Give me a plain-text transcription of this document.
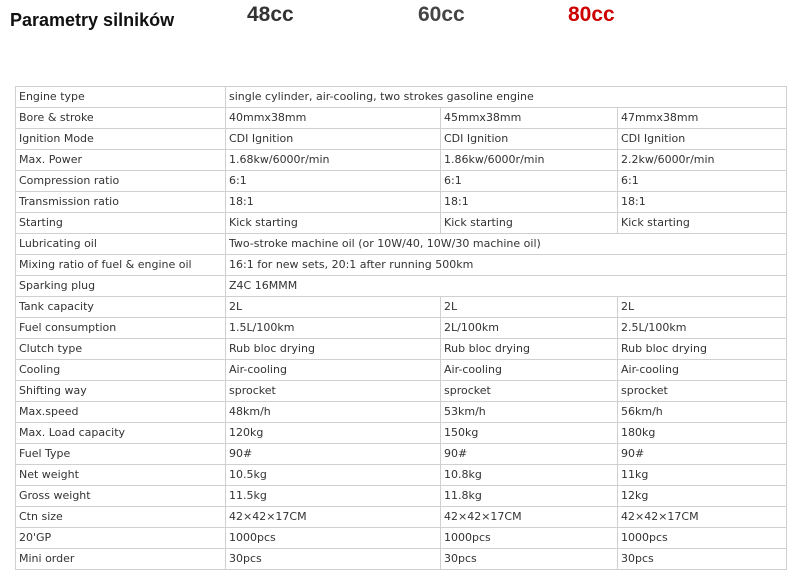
Parametry silników	48cc	60cc	80cc
Engine type	single cylinder, air-cooling, two strokes gasoline engine		
Bore & stroke	40mmx38mm	45mmx38mm	47mmx38mm
Ignition Mode	CDI Ignition	CDI Ignition	CDI Ignition
Max. Power	1.68kw/6000r/min	1.86kw/6000r/min	2.2kw/6000r/min
Compression ratio	6:1	6:1	6:1
Transmission ratio	18:1	18:1	18:1
Starting	Kick starting	Kick starting	Kick starting
Lubricating oil	Two-stroke machine oil (or 10W/40, 10W/30 machine oil)		
Mixing ratio of fuel & engine oil	16:1 for new sets, 20:1 after running 500km		
Sparking plug	Z4C 16MMM		
Tank capacity	2L	2L	2L
Fuel consumption	1.5L/100km	2L/100km	2.5L/100km
Clutch type	Rub bloc drying	Rub bloc drying	Rub bloc drying
Cooling	Air-cooling	Air-cooling	Air-cooling
Shifting way	sprocket	sprocket	sprocket
Max.speed	48km/h	53km/h	56km/h
Max. Load capacity	120kg	150kg	180kg
Fuel Type	90#	90#	90#
Net weight	10.5kg	10.8kg	11kg
Gross weight	11.5kg	11.8kg	12kg
Ctn size	42×42×17CM	42×42×17CM	42×42×17CM
20'GP	1000pcs	1000pcs	1000pcs
Mini order	30pcs	30pcs	30pcs
